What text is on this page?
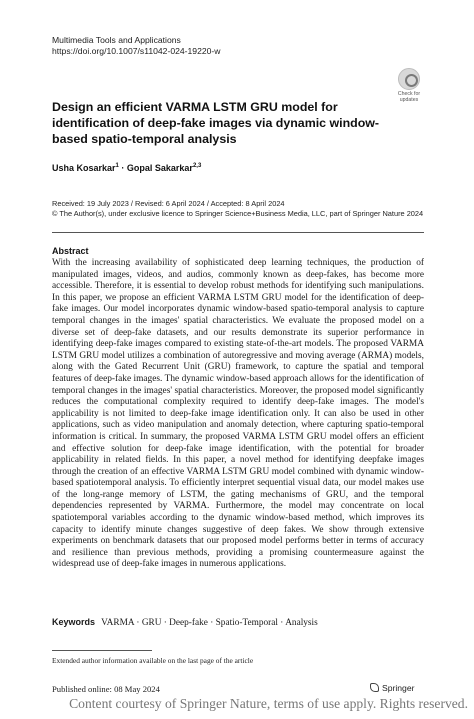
Multimedia Tools and Applications
https://doi.org/10.1007/s11042-024-19220-w
Check for
updates
Design an efficient VARMA LSTM GRU model for identification of deep-fake images via dynamic window-based spatio-temporal analysis
Usha Kosarkar$^1$ · Gopal Sakarkar$^{2,3}$
Received: 19 July 2023 / Revised: 6 April 2024 / Accepted: 8 April 2024
© The Author(s), under exclusive licence to Springer Science+Business Media, LLC, part of Springer Nature 2024
Abstract
With the increasing availability of sophisticated deep learning techniques, the production of manipulated images, videos, and audios, commonly known as deep-fakes, has become more accessible. Therefore, it is essential to develop robust methods for identifying such manipulations. In this paper, we propose an efficient VARMA LSTM GRU model for the identification of deep-fake images. Our model incorporates dynamic window-based spatio-temporal analysis to capture temporal changes in the images' spatial characteristics. We evaluate the proposed model on a diverse set of deep-fake datasets, and our results demonstrate its superior performance in identifying deep-fake images compared to existing state-of-the-art models. The proposed VARMA LSTM GRU model utilizes a combination of autoregressive and moving average (ARMA) models, along with the Gated Recurrent Unit (GRU) framework, to capture the spatial and temporal features of deep-fake images. The dynamic window-based approach allows for the identification of temporal changes in the images' spatial characteristics. Moreover, the proposed model significantly reduces the computational complexity required to identify deep-fake images. The model's applicability is not limited to deep-fake image identification only. It can also be used in other applications, such as video manipulation and anomaly detection, where capturing spatio-temporal information is critical. In summary, the proposed VARMA LSTM GRU model offers an efficient and effective solution for deep-fake image identification, with the potential for broader applicability in related fields. In this paper, a novel method for identifying deepfake images through the creation of an effective VARMA LSTM GRU model combined with dynamic window-based spatiotemporal analysis. To efficiently interpret sequential visual data, our model makes use of the long-range memory of LSTM, the gating mechanisms of GRU, and the temporal dependencies represented by VARMA. Furthermore, the model may concentrate on local spatiotemporal variables according to the dynamic window-based method, which improves its capacity to identify minute changes suggestive of deep fakes. We show through extensive experiments on benchmark datasets that our proposed model performs better in terms of accuracy and resilience than previous methods, providing a promising countermeasure against the widespread use of deep-fake images in numerous applications.
Keywords VARMA · GRU · Deep-fake · Spatio-Temporal · Analysis
Extended author information available on the last page of the article
Published online: 08 May 2024	Springer
Content courtesy of Springer Nature, terms of use apply. Rights reserved.
